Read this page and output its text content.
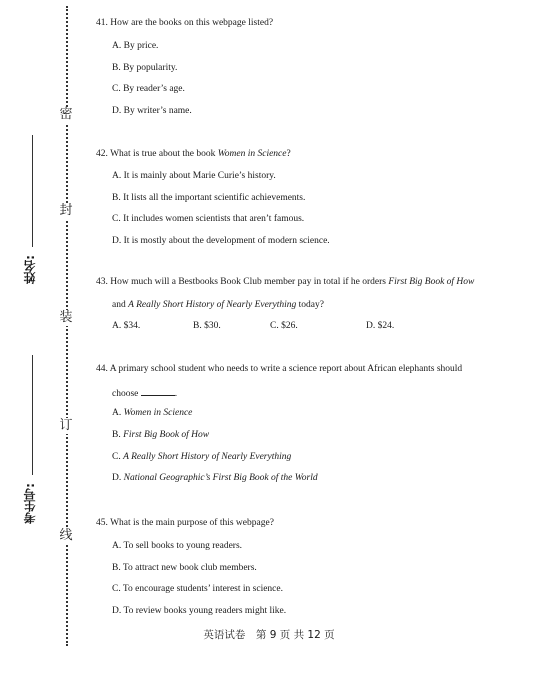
密
封
装
订
线
姓名:
考生号:
41. How are the books on this webpage listed?
A. By price.
B. By popularity.
C. By reader’s age.
D. By writer’s name.
42. What is true about the book Women in Science?
A. It is mainly about Marie Curie’s history.
B. It lists all the important scientific achievements.
C. It includes women scientists that aren’t famous.
D. It is mostly about the development of modern science.
43. How much will a Bestbooks Book Club member pay in total if he orders First Big Book of How
and A Really Short History of Nearly Everything today?
A. $34.	B. $30.	C. $26.	D. $24.
44. A primary school student who needs to write a science report about African elephants should
choose	.
A. Women in Science
B. First Big Book of How
C. A Really Short History of Nearly Everything
D. National Geographic’s First Big Book of the World
45. What is the main purpose of this webpage?
A. To sell books to young readers.
B. To attract new book club members.
C. To encourage students’ interest in science.
D. To review books young readers might like.
英语试卷　第 9 页 共 12 页
